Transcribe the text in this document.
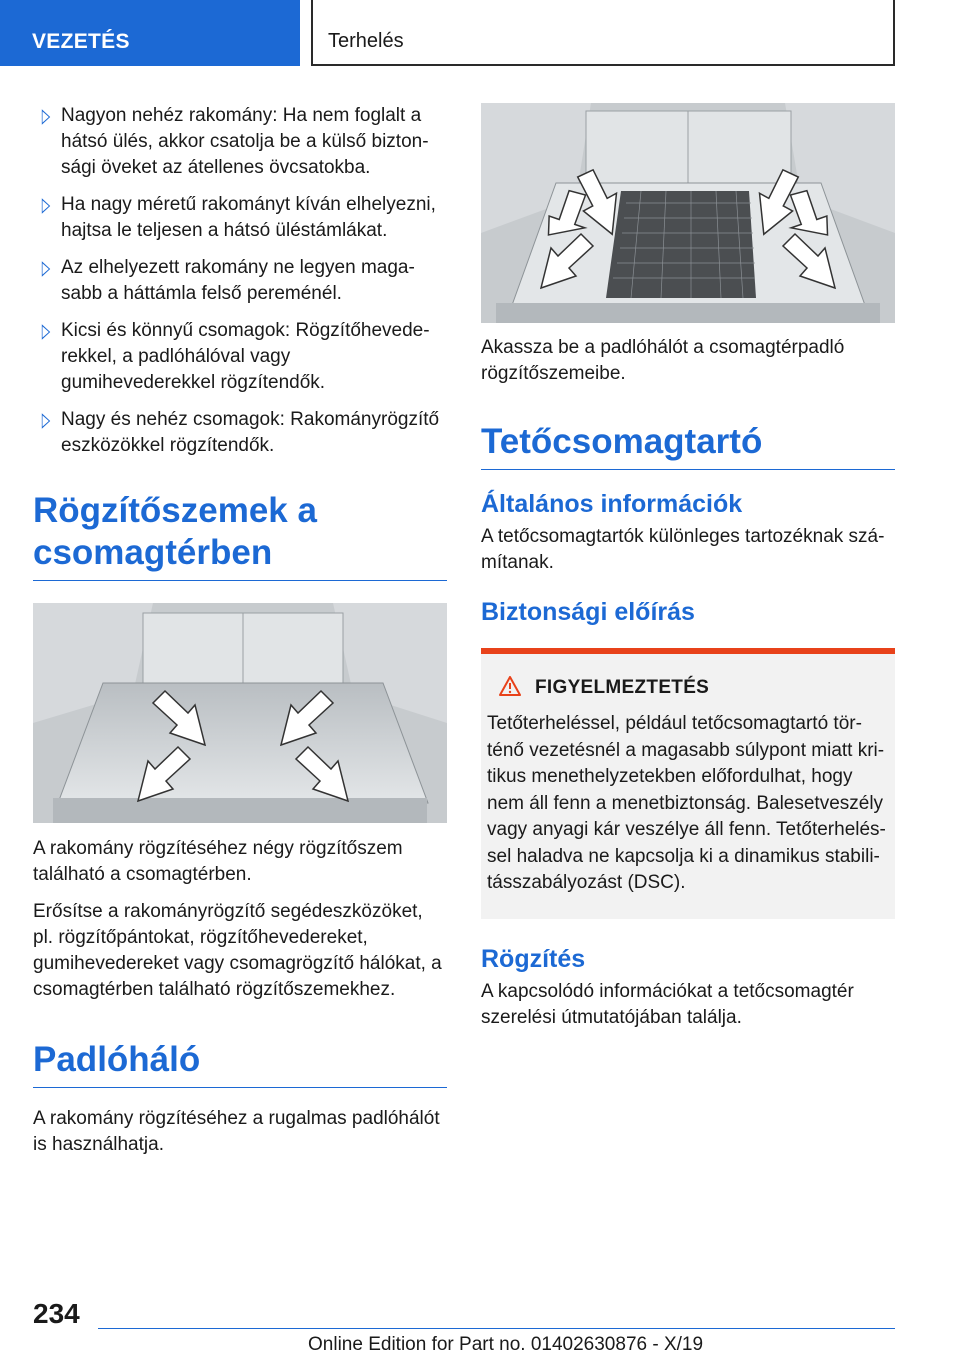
VEZETÉS	Terhelés
Nagyon nehéz rakomány: Ha nem foglalt a hátsó ülés, akkor csatolja be a külső biztonsági öveket az átellenes övcsatokba.
Ha nagy méretű rakományt kíván elhelyezni, hajtsa le teljesen a hátsó üléstámlákat.
Az elhelyezett rakomány ne legyen magasabb a háttámla felső pereménél.
Kicsi és könnyű csomagok: Rögzítőhevederekkel, a padlóhálóval vagy gumihevederekkel rögzítendők.
Nagy és nehéz csomagok: Rakományrögzítő eszközökkel rögzítendők.
Rögzítőszemek a csomagtérben

A rakomány rögzítéséhez négy rögzítőszem található a csomagtérben.

Erősítse a rakományrögzítő segédeszközöket, pl. rögzítőpántokat, rögzítőhevedereket, gumihevedereket vagy csomagrögzítő hálókat, a csomagtérben található rögzítőszemekhez.

Padlóháló

A rakomány rögzítéséhez a rugalmas padlóhálót is használhatja.

Akassza be a padlóhálót a csomagtérpadló rögzítőszemeibe.

Tetőcsomagtartó
Általános információk

A tetőcsomagtartók különleges tartozéknak számítanak.

Biztonsági előírás
FIGYELMEZTETÉS

Tetőterheléssel, például tetőcsomagtartó történő vezetésnél a magasabb súlypont miatt kritikus menethelyzetekben előfordulhat, hogy nem áll fenn a menetbiztonság. Balesetveszély vagy anyagi kár veszélye áll fenn. Tetőterheléssel haladva ne kapcsolja ki a dinamikus stabilitásszabályozást (DSC).

Rögzítés

A kapcsolódó információkat a tetőcsomagtér szerelési útmutatójában találja.

234
Online Edition for Part no. 01402630876 - X/19
